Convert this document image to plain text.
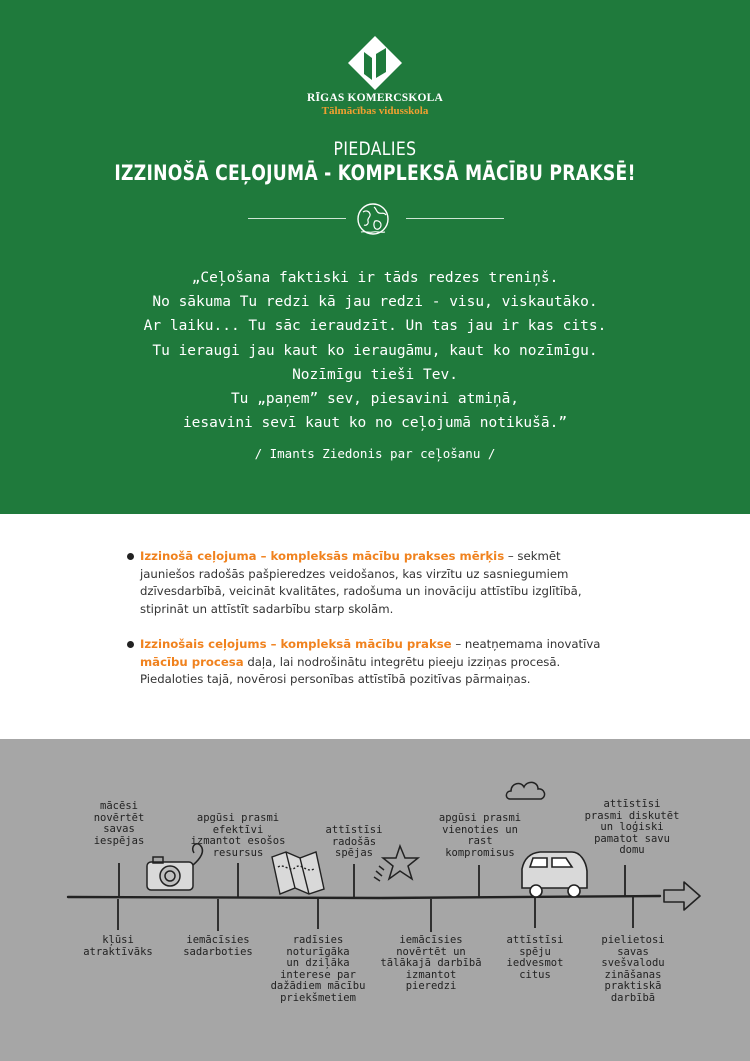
RĪGAS KOMERCSKOLA
Tālmācības vidusskola
PIEDALIES
IZZINOŠĀ CEĻOJUMĀ - KOMPLEKSĀ MĀCĪBU PRAKSĒ!
„Ceļošana faktiski ir tāds redzes treniņš.
No sākuma Tu redzi kā jau redzi - visu, viskautāko.
Ar laiku... Tu sāc ieraudzīt. Un tas jau ir kas cits.
Tu ieraugi jau kaut ko ieraugāmu, kaut ko nozīmīgu.
Nozīmīgu tieši Tev.
Tu „paņem” sev, piesavini atmiņā,
iesavini sevī kaut ko no ceļojumā notikušā.”
/ Imants Ziedonis par ceļošanu /
Izzinošā ceļojuma – kompleksās mācību prakses mērķis – sekmēt jauniešos radošās pašpieredzes veidošanos, kas virzītu uz sasniegumiem dzīvesdarbībā, veicināt kvalitātes, radošuma un inovāciju attīstību izglītībā, stiprināt un attīstīt sadarbību starp skolām.
Izzinošais ceļojums – kompleksā mācību prakse – neatņemama inovatīva mācību procesa daļa, lai nodrošinātu integrētu pieeju izziņas procesā. Piedaloties tajā, novērosi personības attīstībā pozitīvas pārmaiņas.
mācēsi
novērtēt
savas
iespējas
apgūsi prasmi
efektīvi
izmantot esošos
resursus
attīstīsi
radošās
spējas
apgūsi prasmi
vienoties un
rast
kompromisus
attīstīsi
prasmi diskutēt
un loģiski
pamatot savu
domu
kļūsi
atraktīvāks
iemācīsies
sadarboties
radīsies
noturīgāka
un dziļāka
interese par
dažādiem mācību
priekšmetiem
iemācīsies
novērtēt un
tālākajā darbībā
izmantot
pieredzi
attīstīsi
spēju
iedvesmot
citus
pielietosi
savas
svešvalodu
zināšanas
praktiskā
darbībā
